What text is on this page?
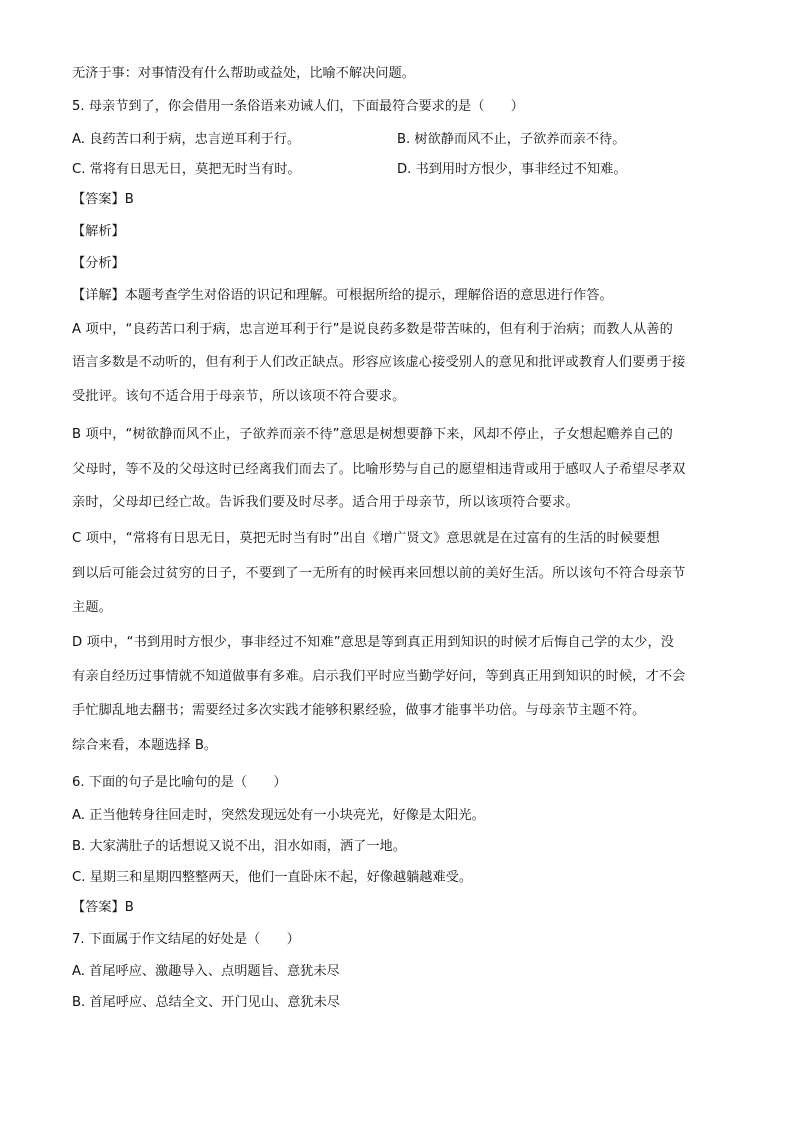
无济于事：对事情没有什么帮助或益处，比喻不解决问题。
5. 母亲节到了，你会借用一条俗语来劝诫人们，下面最符合要求的是（　　）
A. 良药苦口利于病，忠言逆耳利于行。	B. 树欲静而风不止，子欲养而亲不待。
C. 常将有日思无日，莫把无时当有时。	D. 书到用时方恨少，事非经过不知难。
【答案】B
【解析】
【分析】
【详解】本题考查学生对俗语的识记和理解。可根据所给的提示，理解俗语的意思进行作答。
A 项中，“良药苦口利于病，忠言逆耳利于行”是说良药多数是带苦味的，但有利于治病；而教人从善的
语言多数是不动听的，但有利于人们改正缺点。形容应该虚心接受别人的意见和批评或教育人们要勇于接
受批评。该句不适合用于母亲节，所以该项不符合要求。
B 项中，“树欲静而风不止，子欲养而亲不待”意思是树想要静下来，风却不停止，子女想起赡养自己的
父母时，等不及的父母这时已经离我们而去了。比喻形势与自己的愿望相违背或用于感叹人子希望尽孝双
亲时，父母却已经亡故。告诉我们要及时尽孝。适合用于母亲节，所以该项符合要求。
C 项中，“常将有日思无日，莫把无时当有时”出自《增广贤文》意思就是在过富有的生活的时候要想
到以后可能会过贫穷的日子，不要到了一无所有的时候再来回想以前的美好生活。所以该句不符合母亲节
主题。
D 项中，“书到用时方恨少，事非经过不知难”意思是等到真正用到知识的时候才后悔自己学的太少，没
有亲自经历过事情就不知道做事有多难。启示我们平时应当勤学好问，等到真正用到知识的时候，才不会
手忙脚乱地去翻书；需要经过多次实践才能够积累经验，做事才能事半功倍。与母亲节主题不符。
综合来看，本题选择 B。
6. 下面的句子是比喻句的是（　　）
A. 正当他转身往回走时，突然发现远处有一小块亮光，好像是太阳光。
B. 大家满肚子的话想说又说不出，泪水如雨，洒了一地。
C. 星期三和星期四整整两天，他们一直卧床不起，好像越躺越难受。
【答案】B
7. 下面属于作文结尾的好处是（　　）
A. 首尾呼应、激趣导入、点明题旨、意犹未尽
B. 首尾呼应、总结全文、开门见山、意犹未尽
